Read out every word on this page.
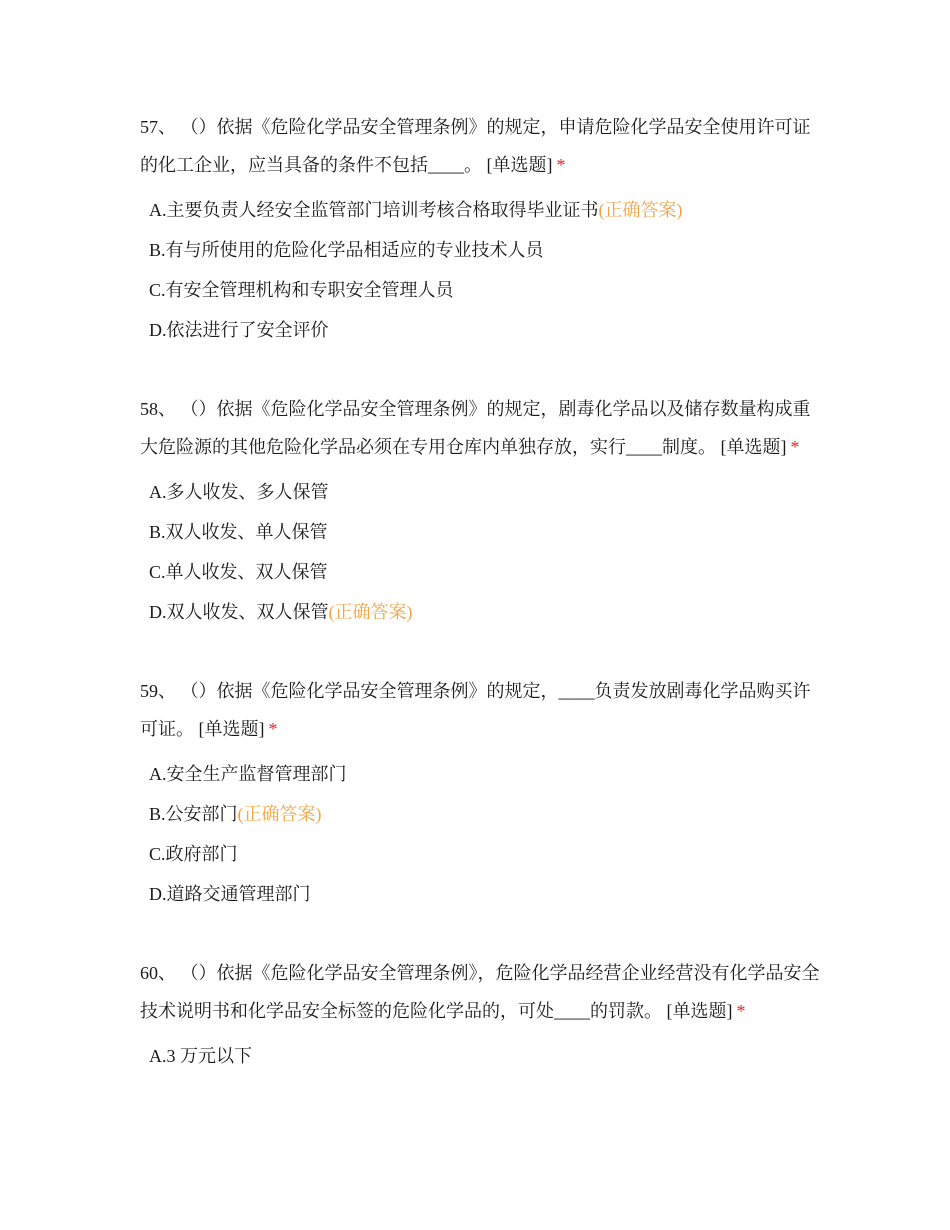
57、 （）依据《危险化学品安全管理条例》的规定，申请危险化学品安全使用许可证的化工企业，应当具备的条件不包括____。 [单选题] *

A.主要负责人经安全监管部门培训考核合格取得毕业证书(正确答案)
B.有与所使用的危险化学品相适应的专业技术人员
C.有安全管理机构和专职安全管理人员
D.依法进行了安全评价

58、 （）依据《危险化学品安全管理条例》的规定，剧毒化学品以及储存数量构成重大危险源的其他危险化学品必须在专用仓库内单独存放，实行____制度。 [单选题] *

A.多人收发、多人保管
B.双人收发、单人保管
C.单人收发、双人保管
D.双人收发、双人保管(正确答案)

59、 （）依据《危险化学品安全管理条例》的规定，____负责发放剧毒化学品购买许可证。 [单选题] *

A.安全生产监督管理部门
B.公安部门(正确答案)
C.政府部门
D.道路交通管理部门

60、 （）依据《危险化学品安全管理条例》，危险化学品经营企业经营没有化学品安全技术说明书和化学品安全标签的危险化学品的，可处____的罚款。 [单选题] *

A.3 万元以下
